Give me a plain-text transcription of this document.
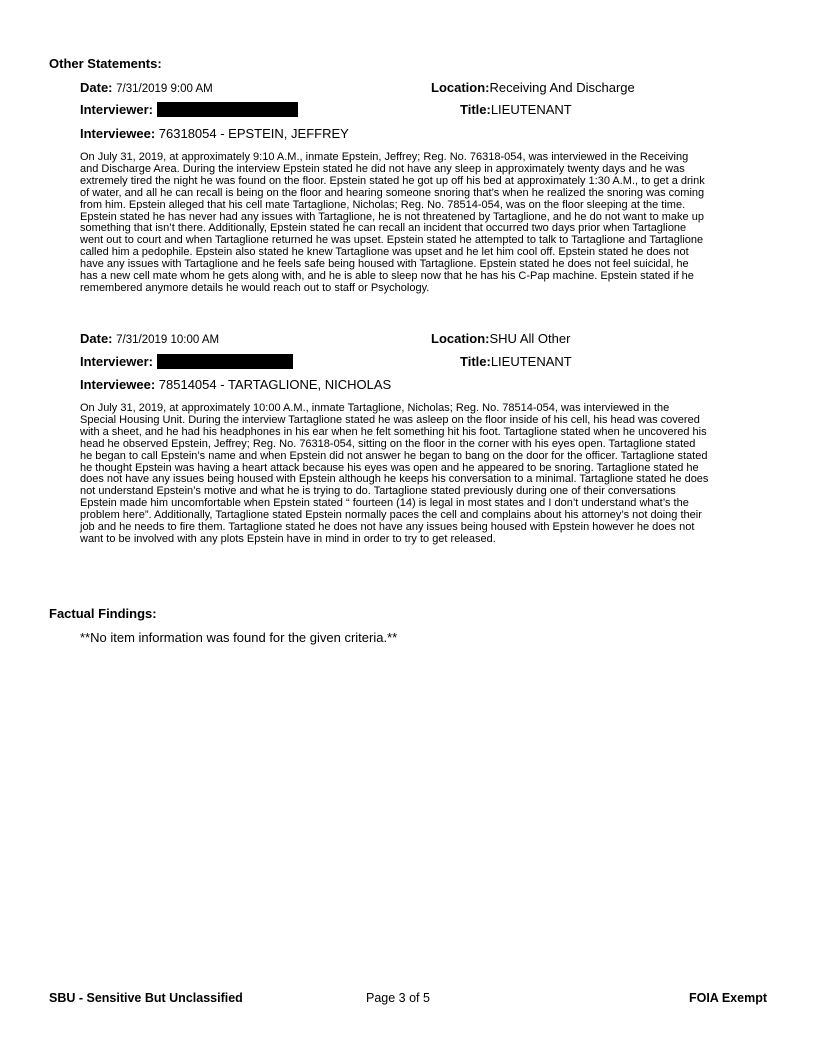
Other Statements:
Date: 7/31/2019 9:00 AM	Location:Receiving And Discharge
Interviewer:	Title:LIEUTENANT
Interviewee: 76318054 - EPSTEIN, JEFFREY
On July 31, 2019, at approximately 9:10 A.M., inmate Epstein, Jeffrey; Reg. No. 76318-054, was interviewed in the Receiving
and Discharge Area. During the interview Epstein stated he did not have any sleep in approximately twenty days and he was
extremely tired the night he was found on the floor. Epstein stated he got up off his bed at approximately 1:30 A.M., to get a drink
of water, and all he can recall is being on the floor and hearing someone snoring that’s when he realized the snoring was coming
from him. Epstein alleged that his cell mate Tartaglione, Nicholas; Reg. No. 78514-054, was on the floor sleeping at the time.
Epstein stated he has never had any issues with Tartaglione, he is not threatened by Tartaglione, and he do not want to make up
something that isn’t there. Additionally, Epstein stated he can recall an incident that occurred two days prior when Tartaglione
went out to court and when Tartaglione returned he was upset. Epstein stated he attempted to talk to Tartaglione and Tartaglione
called him a pedophile. Epstein also stated he knew Tartaglione was upset and he let him cool off. Epstein stated he does not
have any issues with Tartaglione and he feels safe being housed with Tartaglione. Epstein stated he does not feel suicidal, he
has a new cell mate whom he gets along with, and he is able to sleep now that he has his C-Pap machine. Epstein stated if he
remembered anymore details he would reach out to staff or Psychology.
Date: 7/31/2019 10:00 AM	Location:SHU All Other
Interviewer:	Title:LIEUTENANT
Interviewee: 78514054 - TARTAGLIONE, NICHOLAS
On July 31, 2019, at approximately 10:00 A.M., inmate Tartaglione, Nicholas; Reg. No. 78514-054, was interviewed in the
Special Housing Unit. During the interview Tartaglione stated he was asleep on the floor inside of his cell, his head was covered
with a sheet, and he had his headphones in his ear when he felt something hit his foot. Tartaglione stated when he uncovered his
head he observed Epstein, Jeffrey; Reg. No. 76318-054, sitting on the floor in the corner with his eyes open. Tartaglione stated
he began to call Epstein’s name and when Epstein did not answer he began to bang on the door for the officer. Tartaglione stated
he thought Epstein was having a heart attack because his eyes was open and he appeared to be snoring. Tartaglione stated he
does not have any issues being housed with Epstein although he keeps his conversation to a minimal. Tartaglione stated he does
not understand Epstein’s motive and what he is trying to do. Tartaglione stated previously during one of their conversations
Epstein made him uncomfortable when Epstein stated “ fourteen (14) is legal in most states and I don’t understand what’s the
problem here”. Additionally, Tartaglione stated Epstein normally paces the cell and complains about his attorney’s not doing their
job and he needs to fire them. Tartaglione stated he does not have any issues being housed with Epstein however he does not
want to be involved with any plots Epstein have in mind in order to try to get released.
Factual Findings:
**No item information was found for the given criteria.**
SBU - Sensitive But Unclassified	Page 3 of 5	FOIA Exempt
